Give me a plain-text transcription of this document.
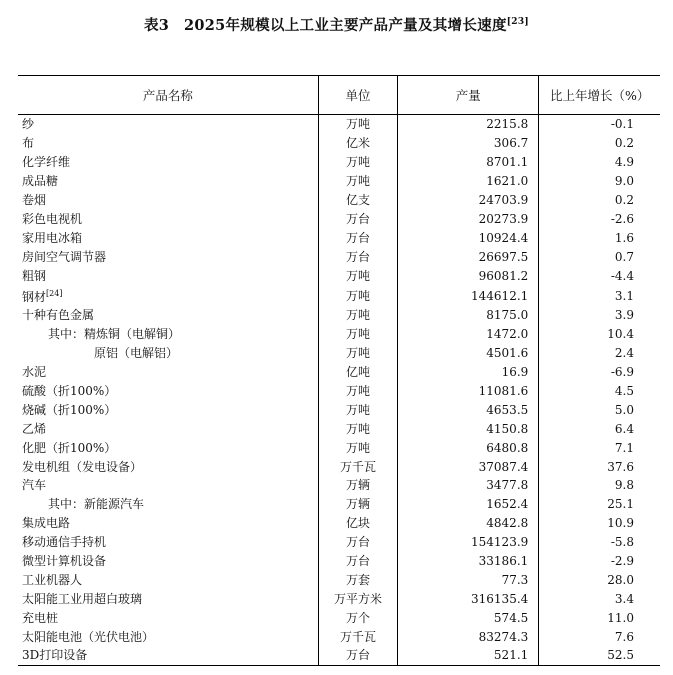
表3　2025年规模以上工业主要产品产量及其增长速度[23]
产品名称	单位	产量	比上年增长（%）
纱	万吨	2215.8	-0.1
布	亿米	306.7	0.2
化学纤维	万吨	8701.1	4.9
成品糖	万吨	1621.0	9.0
卷烟	亿支	24703.9	0.2
彩色电视机	万台	20273.9	-2.6
家用电冰箱	万台	10924.4	1.6
房间空气调节器	万台	26697.5	0.7
粗钢	万吨	96081.2	-4.4
钢材[24]	万吨	144612.1	3.1
十种有色金属	万吨	8175.0	3.9
其中：精炼铜（电解铜）	万吨	1472.0	10.4
原铝（电解铝）	万吨	4501.6	2.4
水泥	亿吨	16.9	-6.9
硫酸（折100%）	万吨	11081.6	4.5
烧碱（折100%）	万吨	4653.5	5.0
乙烯	万吨	4150.8	6.4
化肥（折100%）	万吨	6480.8	7.1
发电机组（发电设备）	万千瓦	37087.4	37.6
汽车	万辆	3477.8	9.8
其中：新能源汽车	万辆	1652.4	25.1
集成电路	亿块	4842.8	10.9
移动通信手持机	万台	154123.9	-5.8
微型计算机设备	万台	33186.1	-2.9
工业机器人	万套	77.3	28.0
太阳能工业用超白玻璃	万平方米	316135.4	3.4
充电桩	万个	574.5	11.0
太阳能电池（光伏电池）	万千瓦	83274.3	7.6
3D打印设备	万台	521.1	52.5
